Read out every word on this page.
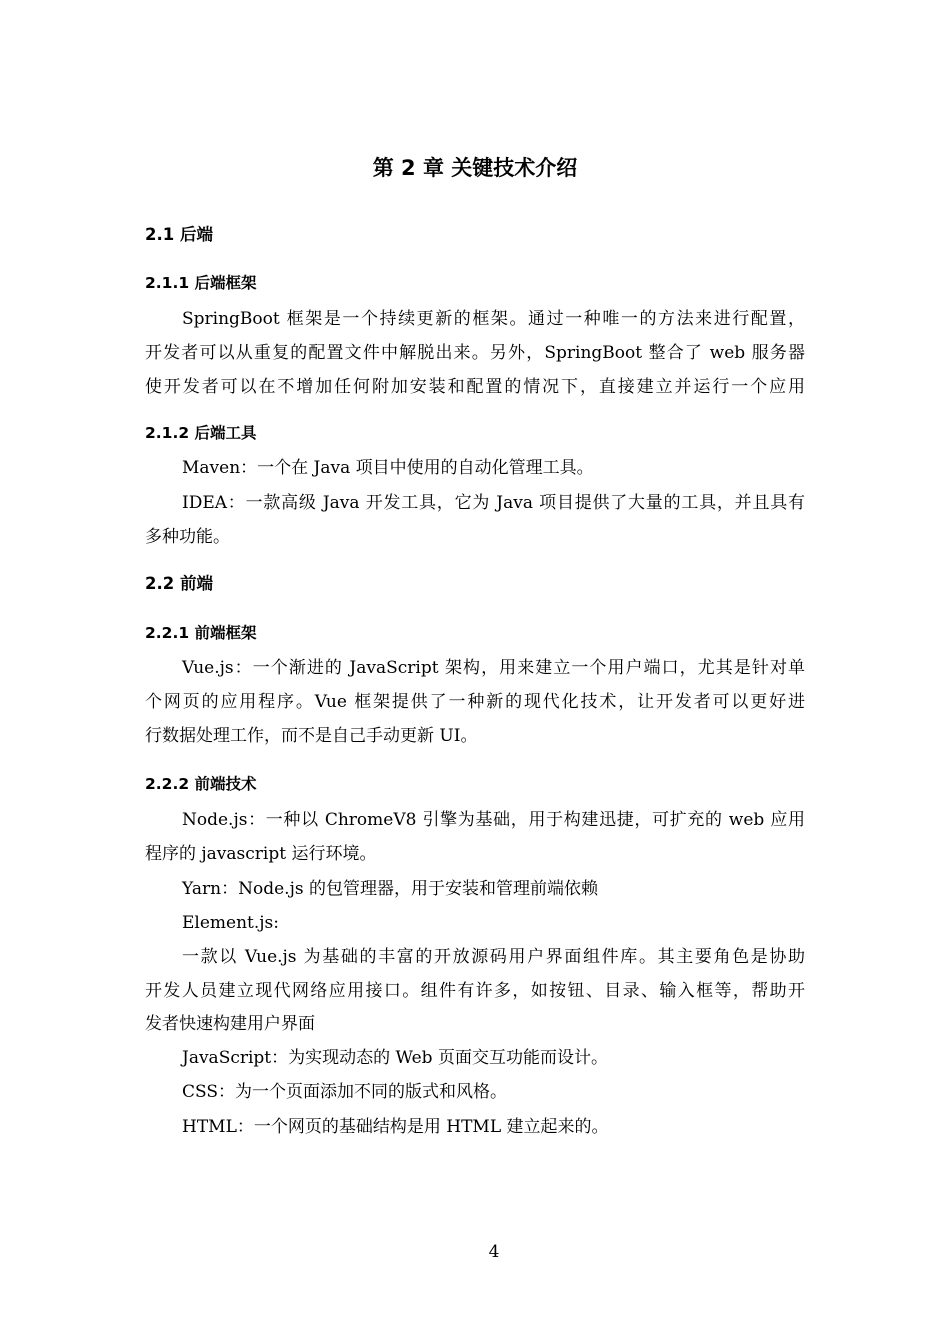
第 2 章 关键技术介绍
2.1 后端
2.1.1 后端框架
SpringBoot 框架是一个持续更新的框架。通过一种唯一的方法来进行配置，
开发者可以从重复的配置文件中解脱出来。另外，SpringBoot 整合了 web 服务器
使开发者可以在不增加任何附加安装和配置的情况下，直接建立并运行一个应用
2.1.2 后端工具
Maven：一个在 Java 项目中使用的自动化管理工具。
IDEA：一款高级 Java 开发工具，它为 Java 项目提供了大量的工具，并且具有
多种功能。
2.2 前端
2.2.1 前端框架
Vue.js：一个渐进的 JavaScript 架构，用来建立一个用户端口，尤其是针对单
个网页的应用程序。Vue 框架提供了一种新的现代化技术，让开发者可以更好进
行数据处理工作，而不是自己手动更新 UI。
2.2.2 前端技术
Node.js：一种以 ChromeV8 引擎为基础，用于构建迅捷，可扩充的 web 应用
程序的 javascript 运行环境。
Yarn：Node.js 的包管理器，用于安装和管理前端依赖
Element.js:
一款以 Vue.js 为基础的丰富的开放源码用户界面组件库。其主要角色是协助
开发人员建立现代网络应用接口。组件有许多，如按钮、目录、输入框等，帮助开
发者快速构建用户界面
JavaScript：为实现动态的 Web 页面交互功能而设计。
CSS：为一个页面添加不同的版式和风格。
HTML：一个网页的基础结构是用 HTML 建立起来的。
4
